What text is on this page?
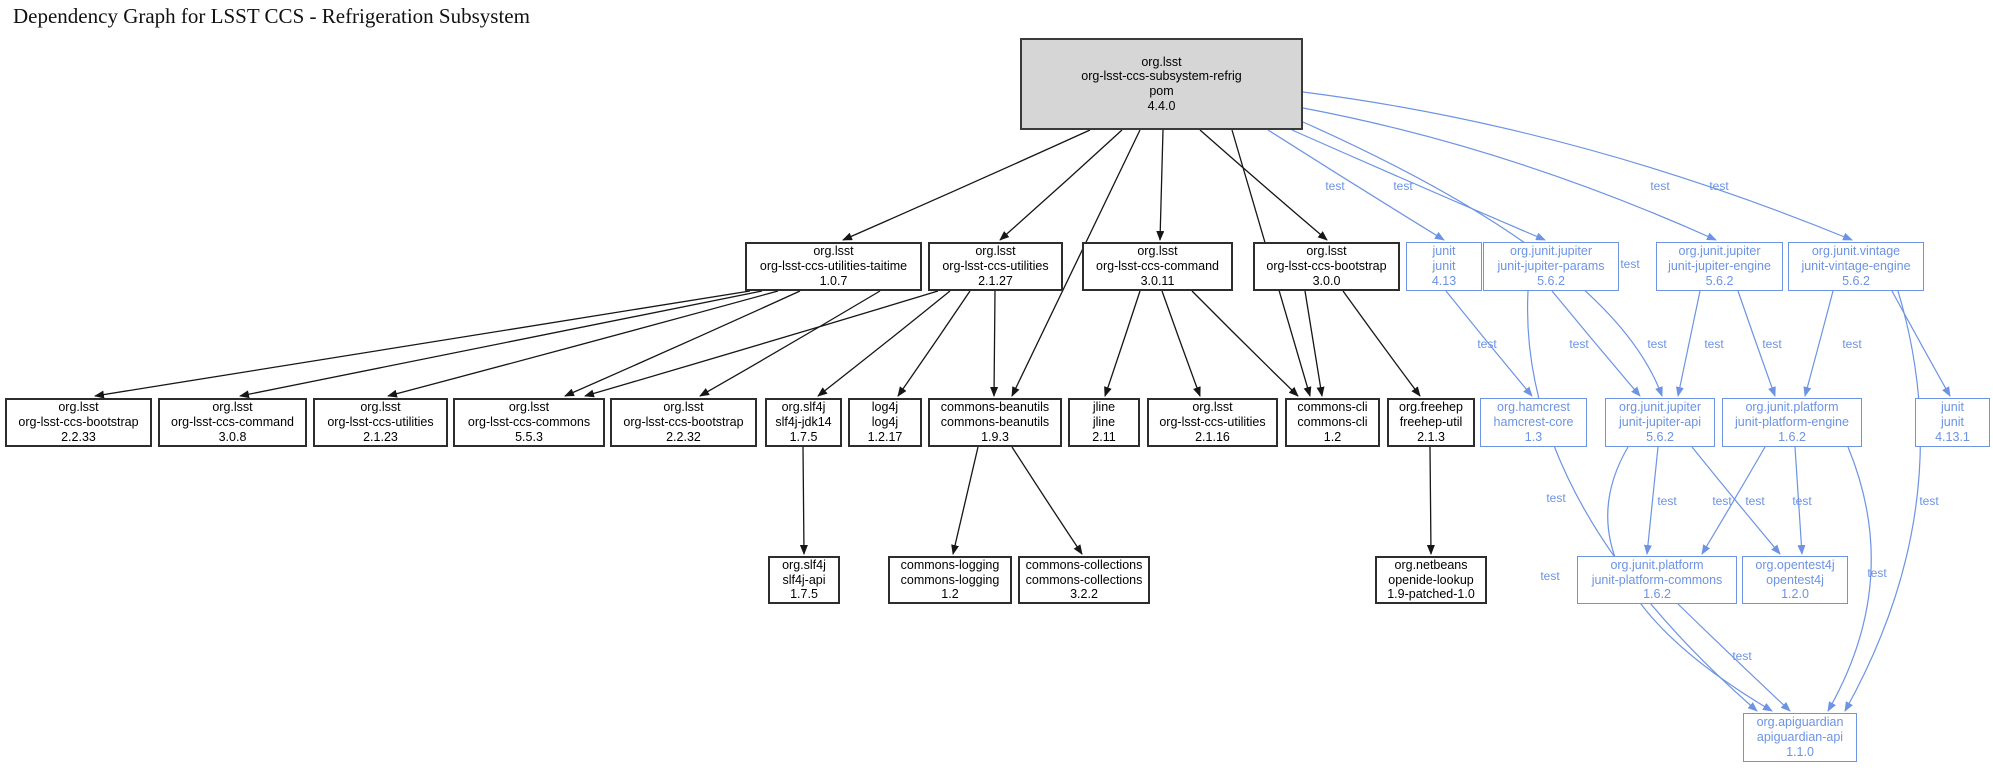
test	test	test	test
test
test	test	test	test	test	test
test	test test test
test
test
test
test
test
org.lsst
org-lsst-ccs-subsystem-refrig
pom
4.4.0
org.lsst
org-lsst-ccs-utilities-taitime
1.0.7
org.lsst
org-lsst-ccs-utilities
2.1.27
org.lsst
org-lsst-ccs-command
3.0.11
org.lsst
org-lsst-ccs-bootstrap
3.0.0
junit
junit
4.13
org.junit.jupiter
junit-jupiter-params
5.6.2
org.junit.jupiter
junit-jupiter-engine
5.6.2
org.junit.vintage
junit-vintage-engine
5.6.2
org.lsst
org-lsst-ccs-bootstrap
2.2.33
org.lsst
org-lsst-ccs-command
3.0.8
org.lsst
org-lsst-ccs-utilities
2.1.23
org.lsst
org-lsst-ccs-commons
5.5.3
org.lsst
org-lsst-ccs-bootstrap
2.2.32
org.slf4j
slf4j-jdk14
1.7.5
log4j
log4j
1.2.17
commons-beanutils
commons-beanutils
1.9.3
jline
jline
2.11
org.lsst
org-lsst-ccs-utilities
2.1.16
commons-cli
commons-cli
1.2
org.freehep
freehep-util
2.1.3
org.hamcrest
hamcrest-core
1.3
org.junit.jupiter
junit-jupiter-api
5.6.2
org.junit.platform
junit-platform-engine
1.6.2
junit
junit
4.13.1
org.slf4j
slf4j-api
1.7.5
commons-logging
commons-logging
1.2
commons-collections
commons-collections
3.2.2
org.netbeans
openide-lookup
1.9-patched-1.0
org.junit.platform
junit-platform-commons
1.6.2
org.opentest4j
opentest4j
1.2.0
org.apiguardian
apiguardian-api
1.1.0
Dependency Graph for LSST CCS - Refrigeration Subsystem
